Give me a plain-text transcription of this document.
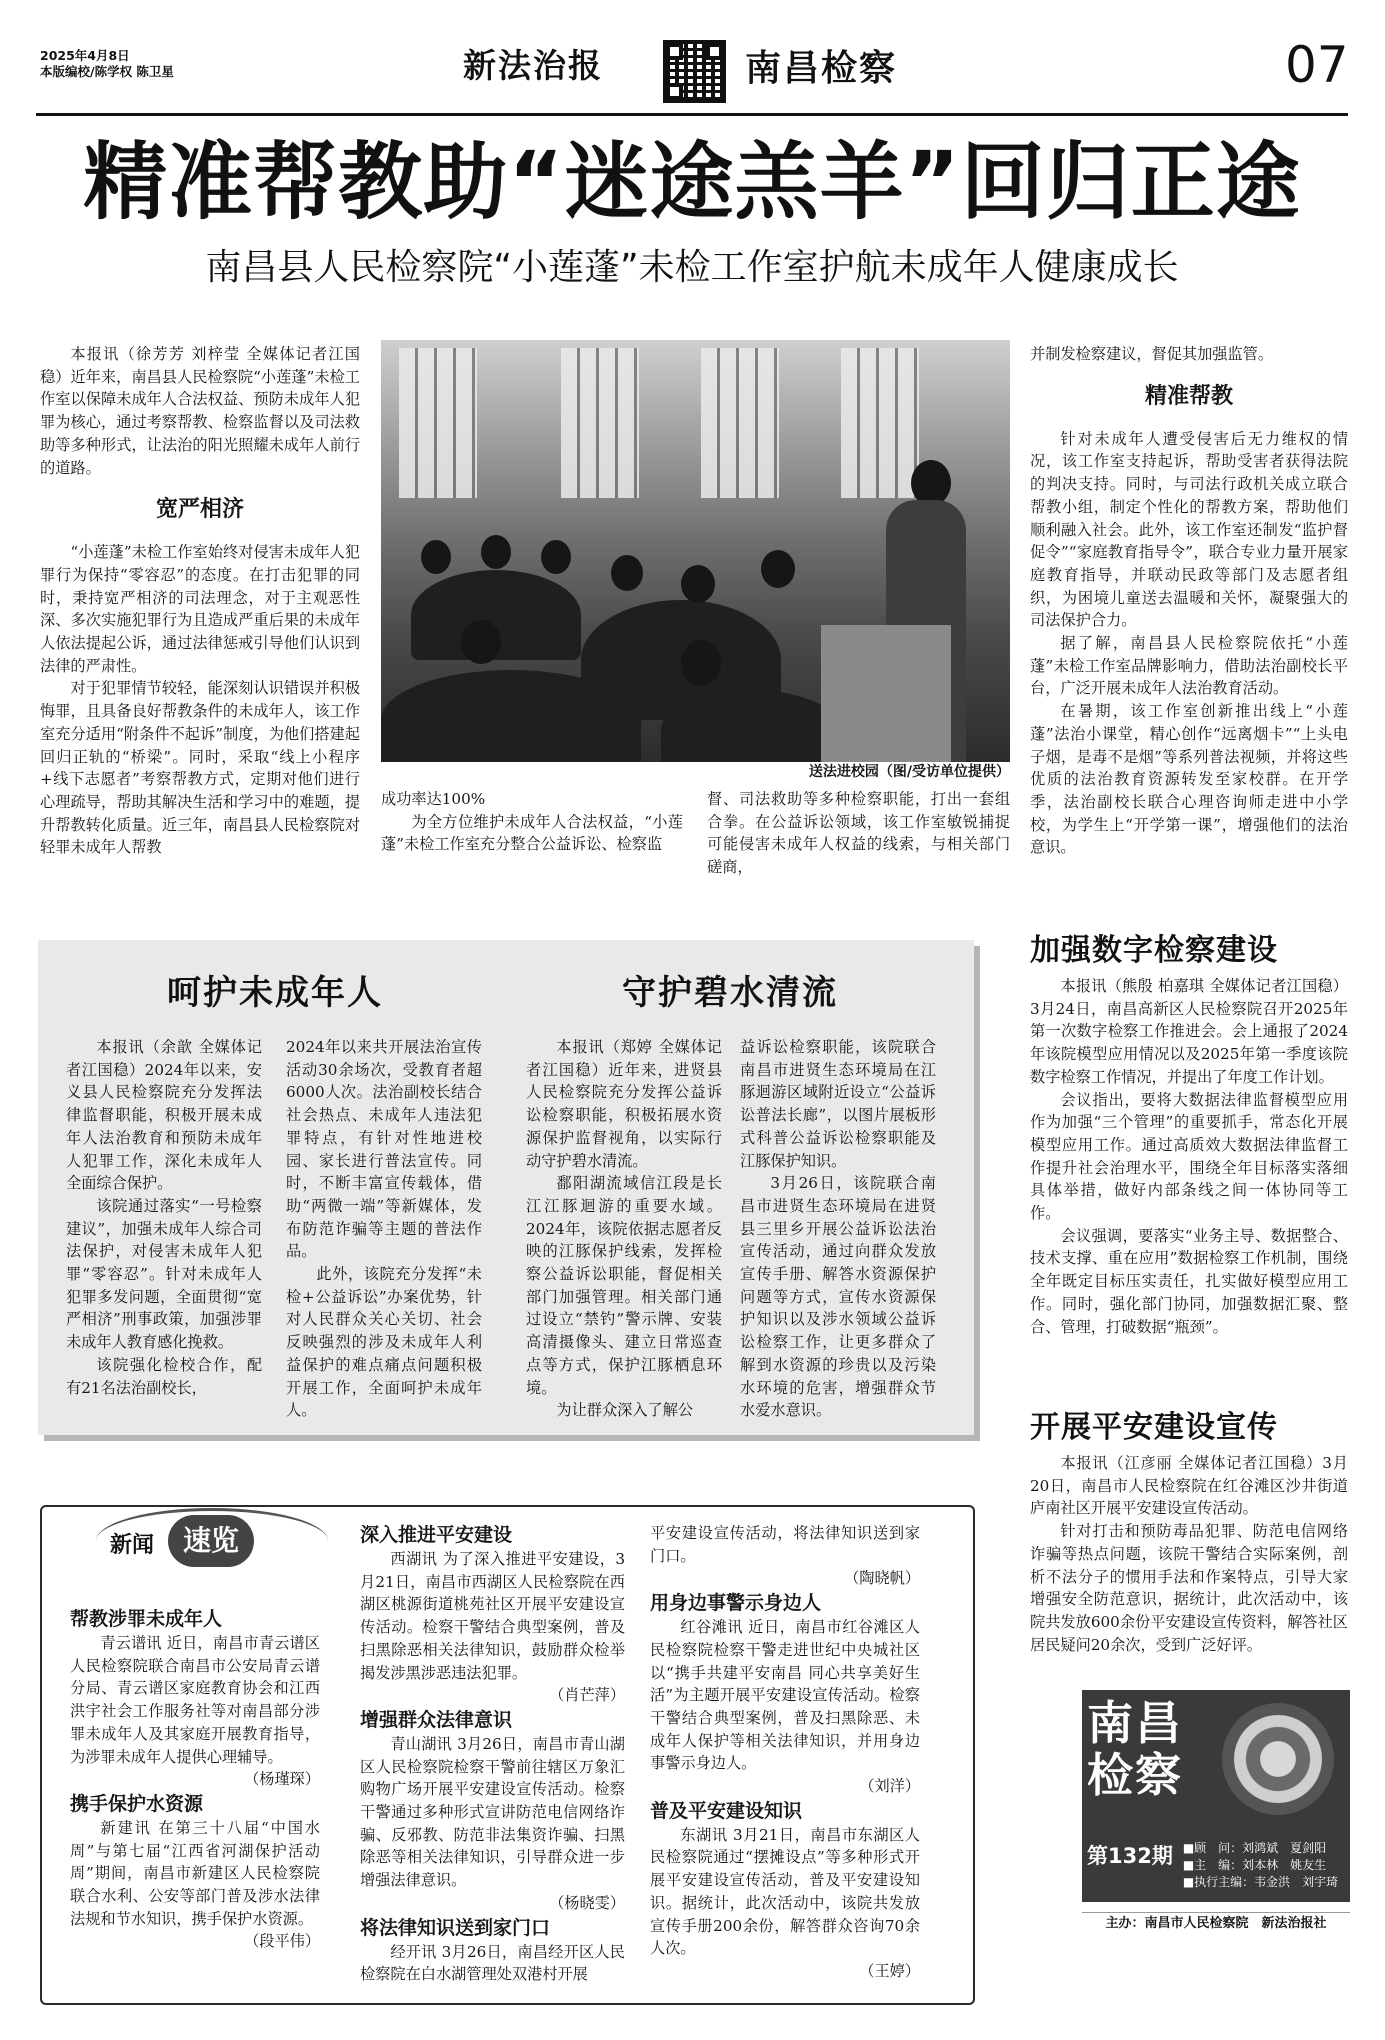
2025年4月8日
本版编校/陈学权 陈卫星	新法治报	南昌检察	07
精准帮教助“迷途羔羊”回归正途
南昌县人民检察院“小莲蓬”未检工作室护航未成年人健康成长

本报讯（徐芳芳 刘梓莹 全媒体记者江国稳）近年来，南昌县人民检察院“小莲蓬”未检工作室以保障未成年人合法权益、预防未成年人犯罪为核心，通过考察帮教、检察监督以及司法救助等多种形式，让法治的阳光照耀未成年人前行的道路。

宽严相济

“小莲蓬”未检工作室始终对侵害未成年人犯罪行为保持“零容忍”的态度。在打击犯罪的同时，秉持宽严相济的司法理念，对于主观恶性深、多次实施犯罪行为且造成严重后果的未成年人依法提起公诉，通过法律惩戒引导他们认识到法律的严肃性。

对于犯罪情节较轻，能深刻认识错误并积极悔罪，且具备良好帮教条件的未成年人，该工作室充分适用“附条件不起诉”制度，为他们搭建起回归正轨的“桥梁”。同时，采取“线上小程序+线下志愿者”考察帮教方式，定期对他们进行心理疏导，帮助其解决生活和学习中的难题，提升帮教转化质量。近三年，南昌县人民检察院对轻罪未成年人帮教

送法进校园（图/受访单位提供）

成功率达100%

为全方位维护未成年人合法权益，“小莲蓬”未检工作室充分整合公益诉讼、检察监

督、司法救助等多种检察职能，打出一套组合拳。在公益诉讼领域，该工作室敏锐捕捉可能侵害未成年人权益的线索，与相关部门磋商，

并制发检察建议，督促其加强监管。

精准帮教

针对未成年人遭受侵害后无力维权的情况，该工作室支持起诉，帮助受害者获得法院的判决支持。同时，与司法行政机关成立联合帮教小组，制定个性化的帮教方案，帮助他们顺利融入社会。此外，该工作室还制发“监护督促令”“家庭教育指导令”，联合专业力量开展家庭教育指导，并联动民政等部门及志愿者组织，为困境儿童送去温暖和关怀，凝聚强大的司法保护合力。

据了解，南昌县人民检察院依托“小莲蓬”未检工作室品牌影响力，借助法治副校长平台，广泛开展未成年人法治教育活动。

在暑期，该工作室创新推出线上“小莲蓬”法治小课堂，精心创作“远离烟卡”“上头电子烟，是毒不是烟”等系列普法视频，并将这些优质的法治教育资源转发至家校群。在开学季，法治副校长联合心理咨询师走进中小学校，为学生上“开学第一课”，增强他们的法治意识。

呵护未成年人	守护碧水清流

本报讯（余歆 全媒体记者江国稳）2024年以来，安义县人民检察院充分发挥法律监督职能，积极开展未成年人法治教育和预防未成年人犯罪工作，深化未成年人全面综合保护。

该院通过落实“一号检察建议”，加强未成年人综合司法保护，对侵害未成年人犯罪“零容忍”。针对未成年人犯罪多发问题，全面贯彻“宽严相济”刑事政策，加强涉罪未成年人教育感化挽救。

该院强化检校合作，配有21名法治副校长，

2024年以来共开展法治宣传活动30余场次，受教育者超6000人次。法治副校长结合社会热点、未成年人违法犯罪特点，有针对性地进校园、家长进行普法宣传。同时，不断丰富宣传载体，借助“两微一端”等新媒体，发布防范诈骗等主题的普法作品。

此外，该院充分发挥“未检+公益诉讼”办案优势，针对人民群众关心关切、社会反映强烈的涉及未成年人利益保护的难点痛点问题积极开展工作，全面呵护未成年人。

本报讯（郑婷 全媒体记者江国稳）近年来，进贤县人民检察院充分发挥公益诉讼检察职能，积极拓展水资源保护监督视角，以实际行动守护碧水清流。

鄱阳湖流域信江段是长江江豚迴游的重要水域。2024年，该院依据志愿者反映的江豚保护线索，发挥检察公益诉讼职能，督促相关部门加强管理。相关部门通过设立“禁钓”警示牌、安装高清摄像头、建立日常巡查点等方式，保护江豚栖息环境。

为让群众深入了解公

益诉讼检察职能，该院联合南昌市进贤生态环境局在江豚迴游区域附近设立“公益诉讼普法长廊”，以图片展板形式科普公益诉讼检察职能及江豚保护知识。

3月26日，该院联合南昌市进贤生态环境局在进贤县三里乡开展公益诉讼法治宣传活动，通过向群众发放宣传手册、解答水资源保护问题等方式，宣传水资源保护知识以及涉水领域公益诉讼检察工作，让更多群众了解到水资源的珍贵以及污染水环境的危害，增强群众节水爱水意识。

加强数字检察建设

本报讯（熊殷 柏嘉琪 全媒体记者江国稳）3月24日，南昌高新区人民检察院召开2025年第一次数字检察工作推进会。会上通报了2024年该院模型应用情况以及2025年第一季度该院数字检察工作情况，并提出了年度工作计划。

会议指出，要将大数据法律监督模型应用作为加强“三个管理”的重要抓手，常态化开展模型应用工作。通过高质效大数据法律监督工作提升社会治理水平，围绕全年目标落实落细具体举措，做好内部条线之间一体协同等工作。

会议强调，要落实“业务主导、数据整合、技术支撑、重在应用”数据检察工作机制，围绕全年既定目标压实责任，扎实做好模型应用工作。同时，强化部门协同，加强数据汇聚、整合、管理，打破数据“瓶颈”。

开展平安建设宣传

本报讯（江彦丽 全媒体记者江国稳）3月20日，南昌市人民检察院在红谷滩区沙井街道庐南社区开展平安建设宣传活动。

针对打击和预防毒品犯罪、防范电信网络诈骗等热点问题，该院干警结合实际案例，剖析不法分子的惯用手法和作案特点，引导大家增强安全防范意识，据统计，此次活动中，该院共发放600余份平安建设宣传资料，解答社区居民疑问20余次，受到广泛好评。

新闻	速览
帮教涉罪未成年人

青云谱讯 近日，南昌市青云谱区人民检察院联合南昌市公安局青云谱分局、青云谱区家庭教育协会和江西洪宇社会工作服务社等对南昌部分涉罪未成年人及其家庭开展教育指导，为涉罪未成年人提供心理辅导。

（杨瑾琛）
携手保护水资源

新建讯 在第三十八届“中国水周”与第七届“江西省河湖保护活动周”期间，南昌市新建区人民检察院联合水利、公安等部门普及涉水法律法规和节水知识，携手保护水资源。

（段平伟）
深入推进平安建设

西湖讯 为了深入推进平安建设，3月21日，南昌市西湖区人民检察院在西湖区桃源街道桃苑社区开展平安建设宣传活动。检察干警结合典型案例，普及扫黑除恶相关法律知识，鼓励群众检举揭发涉黑涉恶违法犯罪。

（肖芒萍）
增强群众法律意识

青山湖讯 3月26日，南昌市青山湖区人民检察院检察干警前往辖区万象汇购物广场开展平安建设宣传活动。检察干警通过多种形式宣讲防范电信网络诈骗、反邪教、防范非法集资诈骗、扫黑除恶等相关法律知识，引导群众进一步增强法律意识。

（杨晓雯）
将法律知识送到家门口

经开讯 3月26日，南昌经开区人民检察院在白水湖管理处双港村开展

平安建设宣传活动，将法律知识送到家门口。

（陶晓帆）
用身边事警示身边人

红谷滩讯 近日，南昌市红谷滩区人民检察院检察干警走进世纪中央城社区以“携手共建平安南昌 同心共享美好生活”为主题开展平安建设宣传活动。检察干警结合典型案例，普及扫黑除恶、未成年人保护等相关法律知识，并用身边事警示身边人。

（刘洋）
普及平安建设知识

东湖讯 3月21日，南昌市东湖区人民检察院通过“摆摊设点”等多种形式开展平安建设宣传活动，普及平安建设知识。据统计，此次活动中，该院共发放宣传手册200余份，解答群众咨询70余人次。

（王婷）
南昌检察
第132期 ■顾　问：刘鸿斌　夏剑阳
■主　编：刘本林　姚友生
■执行主编：韦金洪　刘宇琦
主办：南昌市人民检察院　新法治报社
